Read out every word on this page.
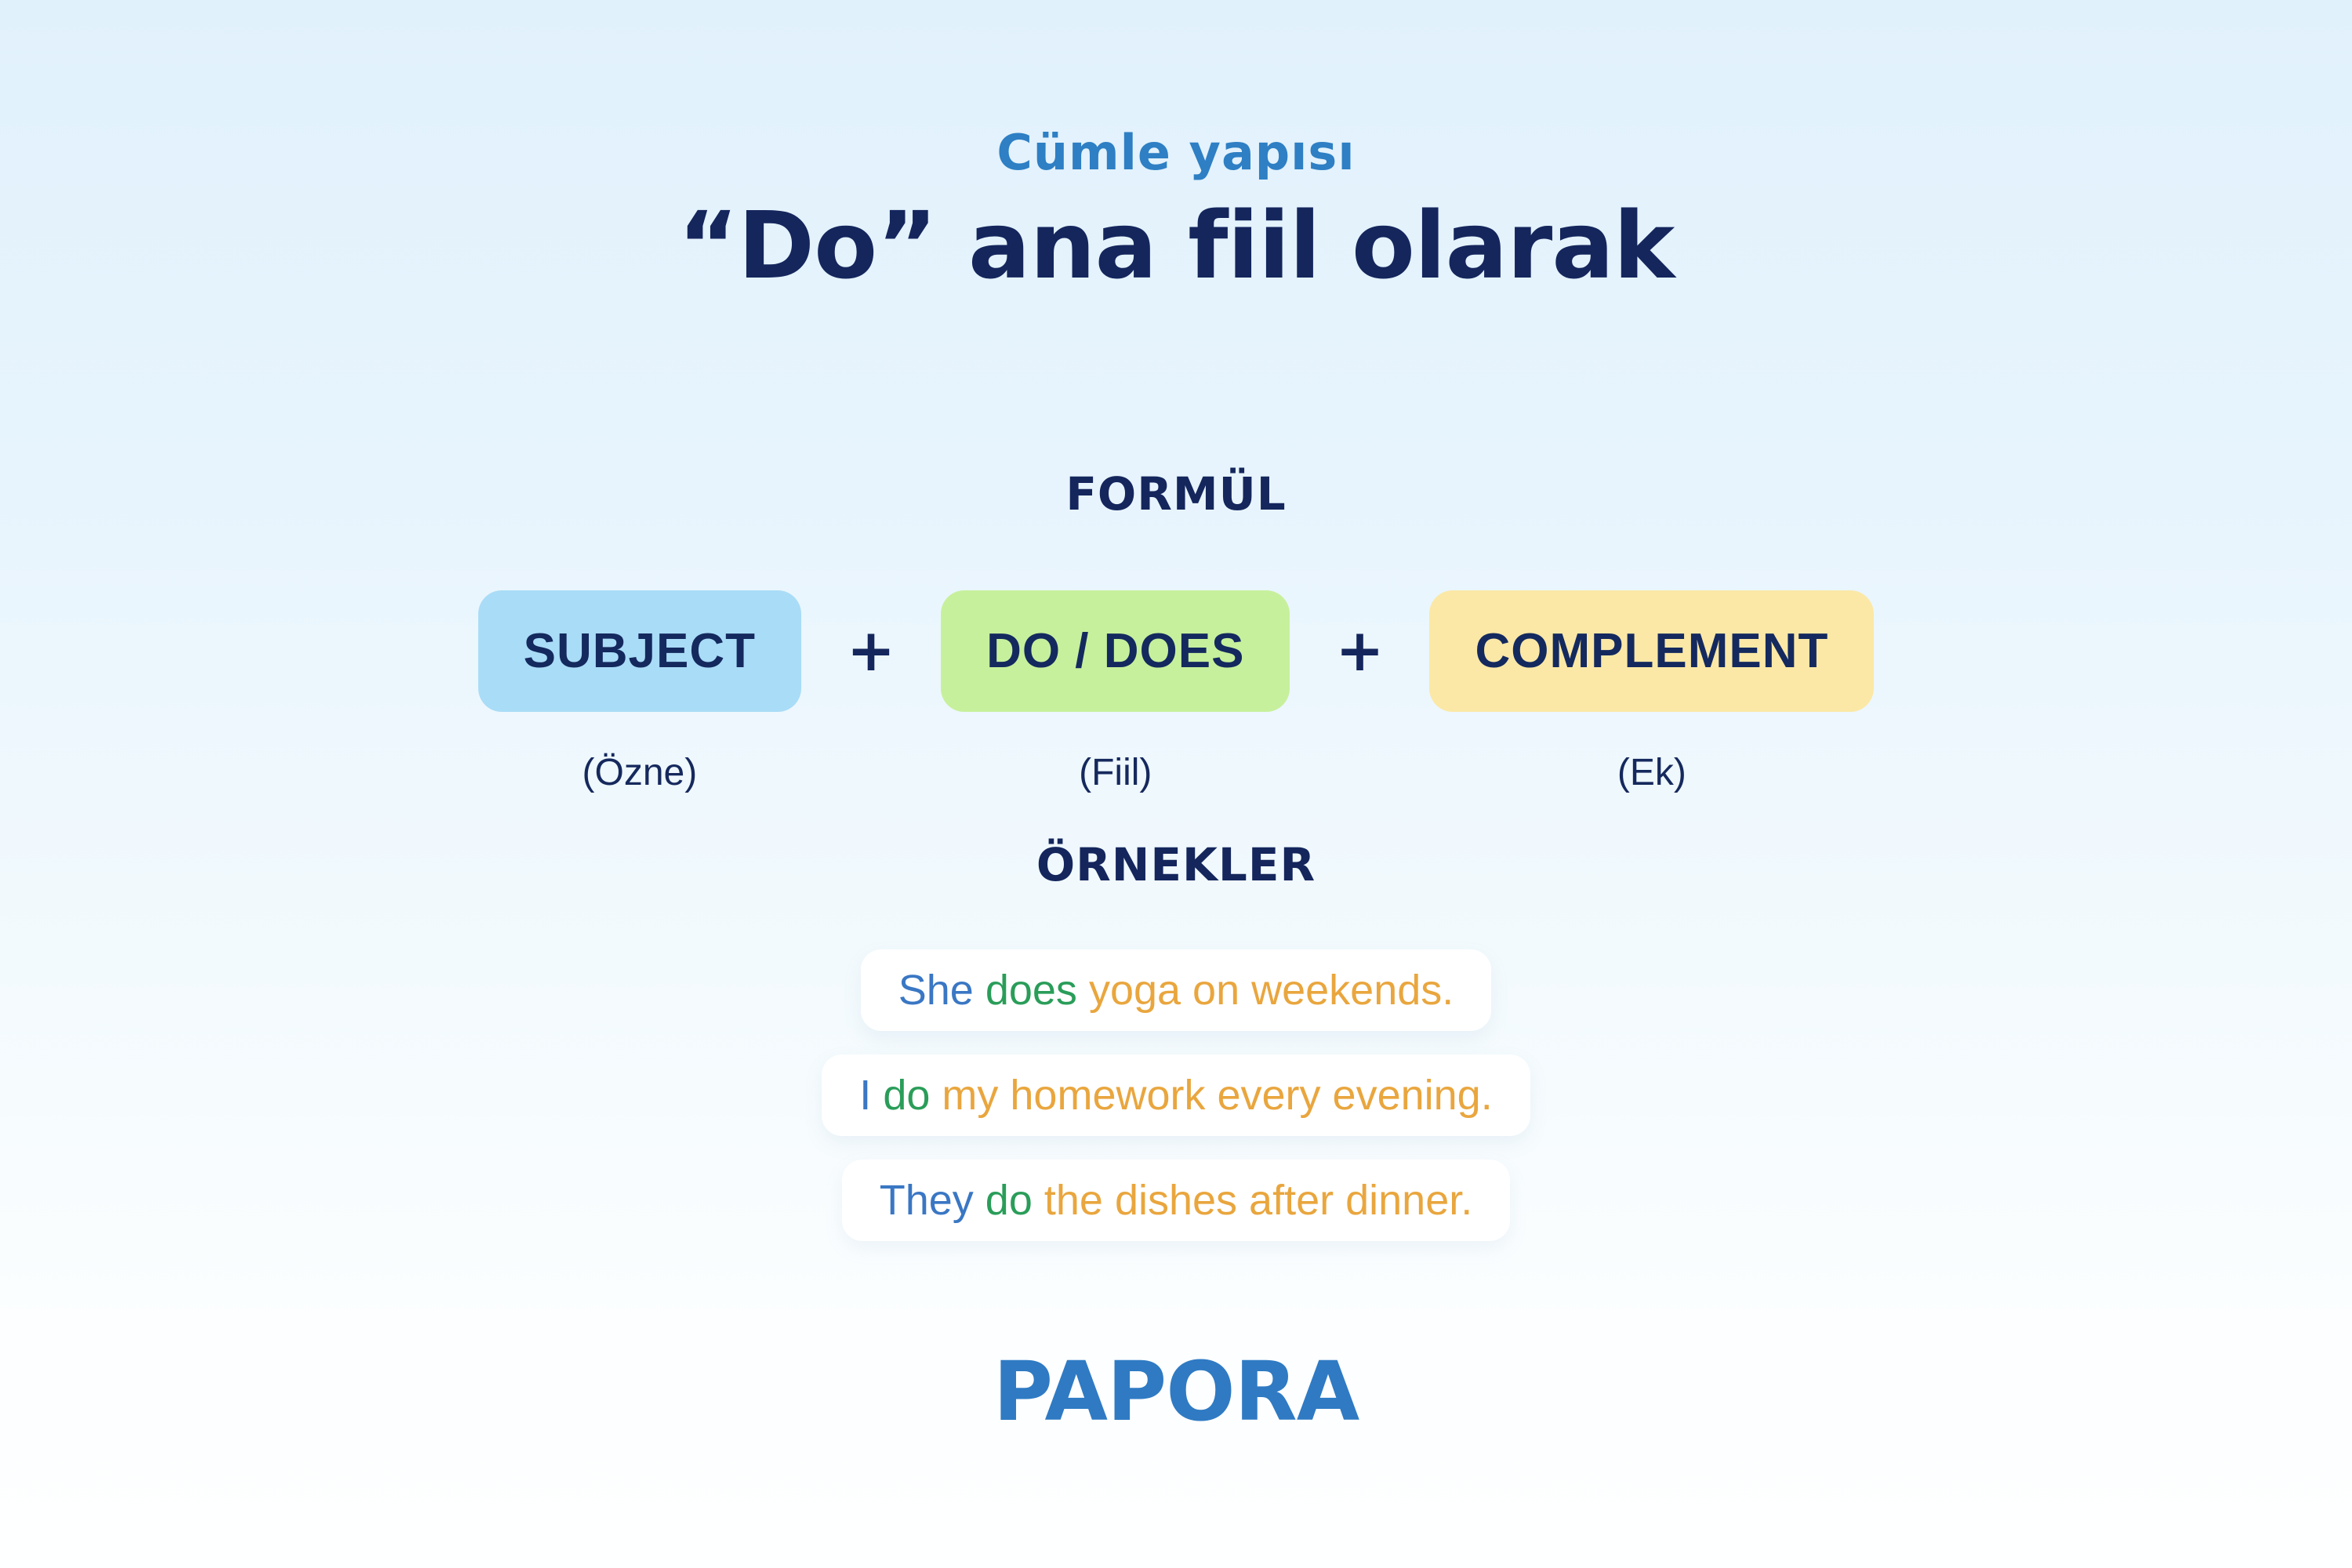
Cümle yapısı
“Do” ana fiil olarak
FORMÜL
SUBJECT
(Özne)
+	DO / DOES
(Fiil)
+	COMPLEMENT
(Ek)
ÖRNEKLER
She does yoga on weekends.
I do my homework every evening.
They do the dishes after dinner.
PAPORA
